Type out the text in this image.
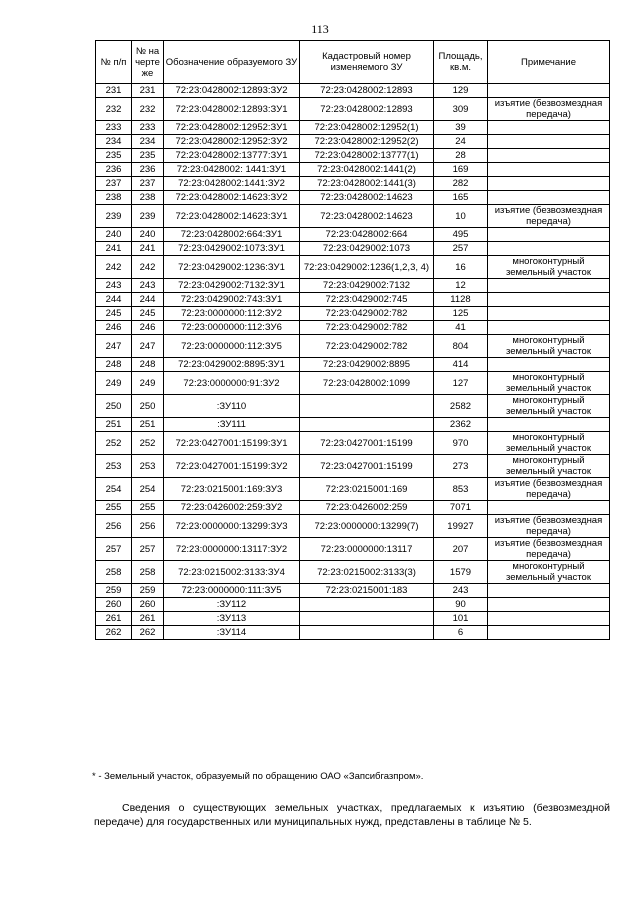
113
№ п/п	№ на черте же	Обозначение образуемого ЗУ	Кадастровый номер изменяемого ЗУ	Площадь, кв.м.	Примечание
231	231	72:23:0428002:12893:ЗУ2	72:23:0428002:12893	129	
232	232	72:23:0428002:12893:ЗУ1	72:23:0428002:12893	309	изъятие (безвозмездная передача)
233	233	72:23:0428002:12952:ЗУ1	72:23:0428002:12952(1)	39	
234	234	72:23:0428002:12952:ЗУ2	72:23:0428002:12952(2)	24	
235	235	72:23:0428002:13777:ЗУ1	72:23:0428002:13777(1)	28	
236	236	72:23:0428002: 1441:ЗУ1	72:23:0428002:1441(2)	169	
237	237	72:23:0428002:1441:ЗУ2	72:23:0428002:1441(3)	282	
238	238	72:23:0428002:14623:ЗУ2	72:23:0428002:14623	165	
239	239	72:23:0428002:14623:ЗУ1	72:23:0428002:14623	10	изъятие (безвозмездная передача)
240	240	72:23:0428002:664:ЗУ1	72:23:0428002:664	495	
241	241	72:23:0429002:1073:ЗУ1	72:23:0429002:1073	257	
242	242	72:23:0429002:1236:ЗУ1	72:23:0429002:1236(1,2,3, 4)	16	многоконтурный земельный участок
243	243	72:23:0429002:7132:ЗУ1	72:23:0429002:7132	12	
244	244	72:23:0429002:743:ЗУ1	72:23:0429002:745	1128	
245	245	72:23:0000000:112:ЗУ2	72:23:0429002:782	125	
246	246	72:23:0000000:112:ЗУ6	72:23:0429002:782	41	
247	247	72:23:0000000:112:ЗУ5	72:23:0429002:782	804	многоконтурный земельный участок
248	248	72:23:0429002:8895:ЗУ1	72:23:0429002:8895	414	
249	249	72:23:0000000:91:ЗУ2	72:23:0428002:1099	127	многоконтурный земельный участок
250	250	:ЗУ110		2582	многоконтурный земельный участок
251	251	:ЗУ111		2362	
252	252	72:23:0427001:15199:ЗУ1	72:23:0427001:15199	970	многоконтурный земельный участок
253	253	72:23:0427001:15199:ЗУ2	72:23:0427001:15199	273	многоконтурный земельный участок
254	254	72:23:0215001:169:ЗУ3	72:23:0215001:169	853	изъятие (безвозмездная передача)
255	255	72:23:0426002:259:ЗУ2	72:23:0426002:259	7071	
256	256	72:23:0000000:13299:ЗУ3	72:23:0000000:13299(7)	19927	изъятие (безвозмездная передача)
257	257	72:23:0000000:13117:ЗУ2	72:23:0000000:13117	207	изъятие (безвозмездная передача)
258	258	72:23:0215002:3133:ЗУ4	72:23:0215002:3133(3)	1579	многоконтурный земельный участок
259	259	72:23:0000000:111:ЗУ5	72:23:0215001:183	243	
260	260	:ЗУ112		90	
261	261	:ЗУ113		101	
262	262	:ЗУ114		6	
* - Земельный участок, образуемый по обращению ОАО «Запсибгазпром».
Сведения о существующих земельных участках, предлагаемых к изъятию (безвозмездной передаче) для государственных или муниципальных нужд, представлены в таблице № 5.
